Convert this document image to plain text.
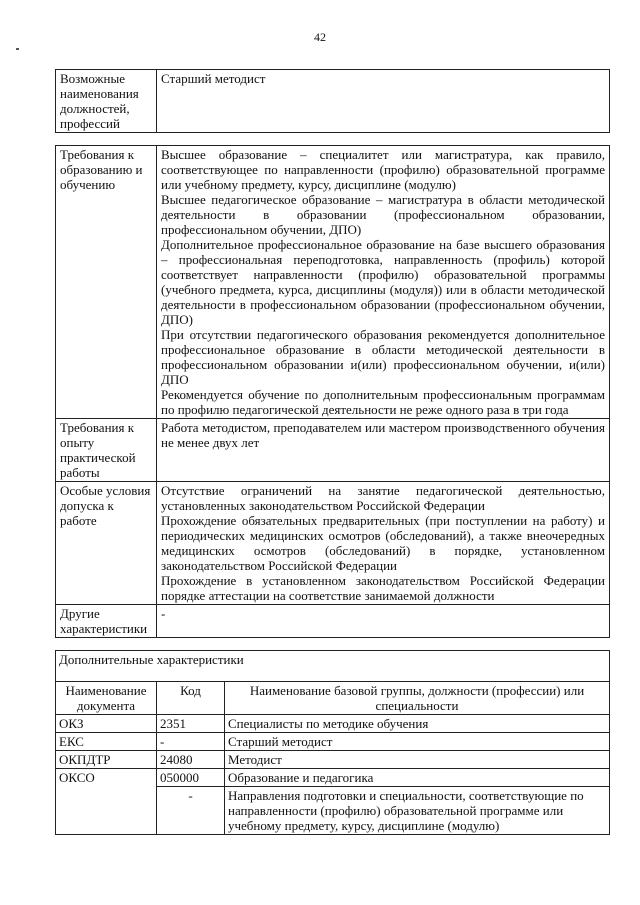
42
Возможные наименования должностей, профессий	Старший методист
Требования к образованию и обучению	Высшее образование – специалитет или магистратура, как правило, соответствующее по направленности (профилю) образовательной программе или учебному предмету, курсу, дисциплине (модулю)

Высшее педагогическое образование – магистратура в области методической деятельности в образовании (профессиональном образовании, профессиональном обучении, ДПО)

Дополнительное профессиональное образование на базе высшего образования – профессиональная переподготовка, направленность (профиль) которой соответствует направленности (профилю) образовательной программы (учебного предмета, курса, дисциплины (модуля)) или в области методической деятельности в профессиональном образовании (профессиональном обучении, ДПО)

При отсутствии педагогического образования рекомендуется дополнительное профессиональное образование в области методической деятельности в профессиональном образовании и(или) профессиональном обучении, и(или) ДПО

Рекомендуется обучение по дополнительным профессиональным программам по профилю педагогической деятельности не реже одного раза в три года

Требования к опыту практической работы	Работа методистом, преподавателем или мастером производственного обучения не менее двух лет

Особые условия допуска к работе	Отсутствие ограничений на занятие педагогической деятельностью, установленных законодательством Российской Федерации

Прохождение обязательных предварительных (при поступлении на работу) и периодических медицинских осмотров (обследований), а также внеочередных медицинских осмотров (обследований) в порядке, установленном законодательством Российской Федерации

Прохождение в установленном законодательством Российской Федерации порядке аттестации на соответствие занимаемой должности

Другие характеристики	-

Дополнительные характеристики		
Наименование документа	Код	Наименование базовой группы, должности (профессии) или специальности
ОКЗ	2351	Специалисты по методике обучения
ЕКС	-	Старший методист
ОКПДТР	24080	Методист
ОКСО	050000	Образование и педагогика
	-	Направления подготовки и специальности, соответствующие по направленности (профилю) образовательной программе или учебному предмету, курсу, дисциплине (модулю)
